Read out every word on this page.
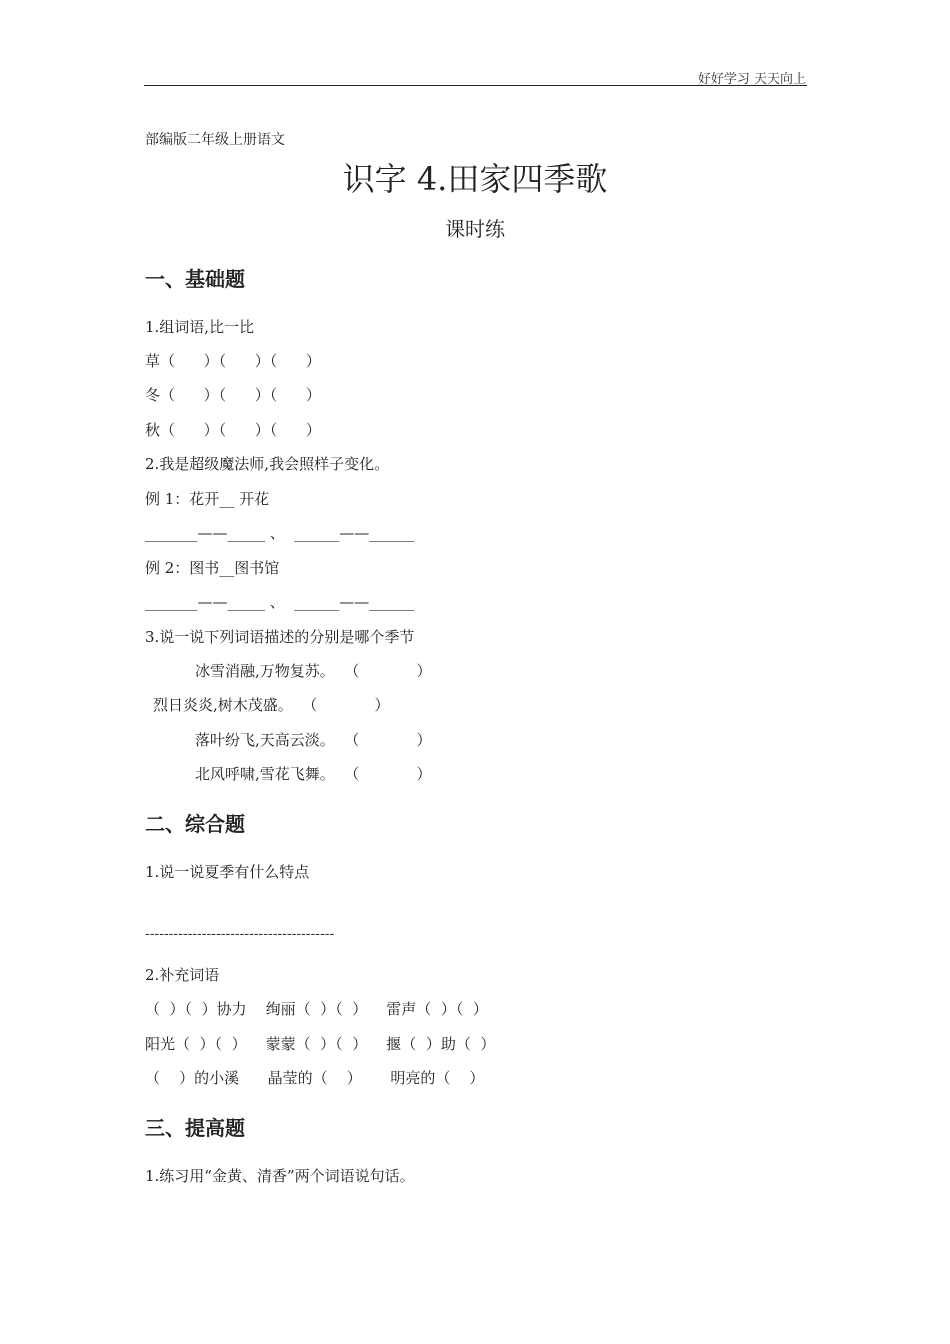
好好学习 天天向上
部编版二年级上册语文
识字 4.田家四季歌
课时练
一、基础题
1.组词语,比一比
草（      ）（      ）（      ）
冬（      ）（      ）（      ）
秋（      ）（      ）（      ）
2.我是超级魔法师,我会照样子变化。
例 1：花开__ 开花
_______——_____ 、  ______——______
例 2：图书__图书馆
_______——_____ 、  ______——______
3.说一说下列词语描述的分别是哪个季节
冰雪消融,万物复苏。  （            ）
烈日炎炎,树木茂盛。  （            ）
落叶纷飞,天高云淡。  （            ）
北风呼啸,雪花飞舞。  （            ）
二、综合题
1.说一说夏季有什么特点
----------------------------------------
2.补充词语
（  ）（  ）协力    绚丽（  ）（  ）    雷声（  ）（  ）
阳光（  ）（  ）    蒙蒙（  ）（  ）    揠（  ）助（  ）
（    ）的小溪      晶莹的（    ）      明亮的（    ）
三、提高题
1.练习用“金黄、清香”两个词语说句话。
